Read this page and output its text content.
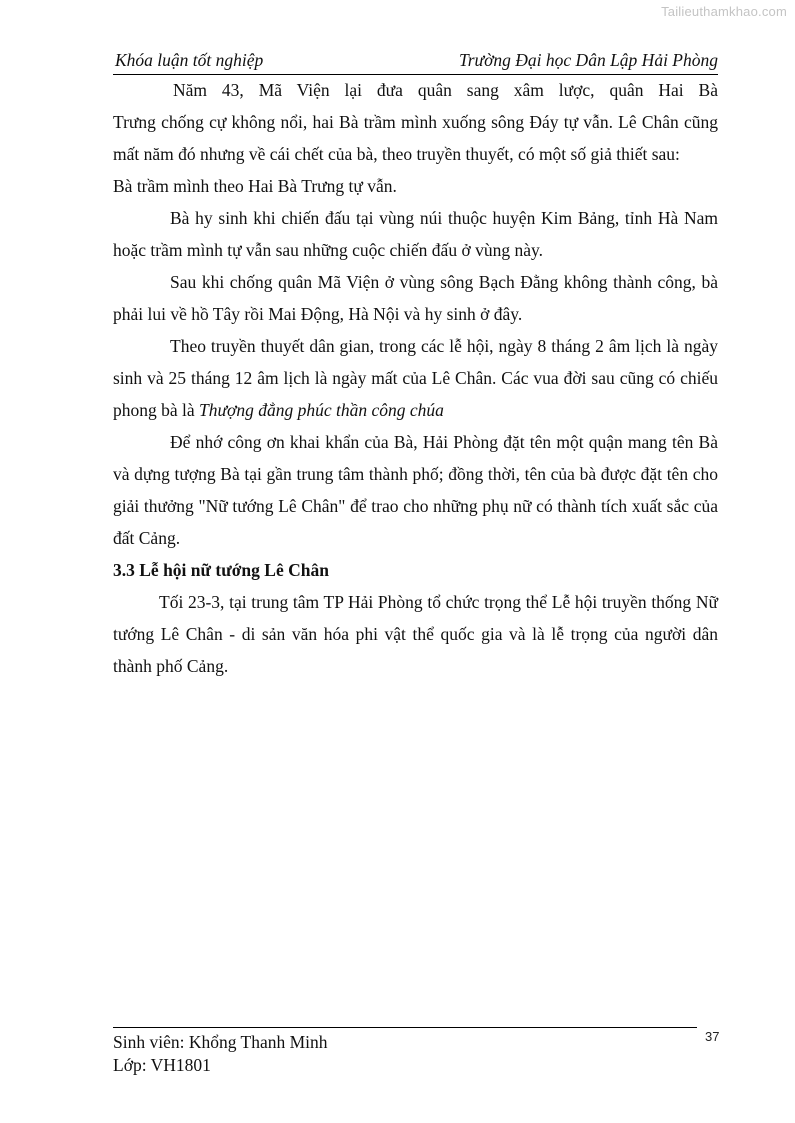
Tailieuthamkhao.com
Khóa luận tốt nghiệp	Trường Đại học Dân Lập Hải Phòng

Năm 43, Mã Viện lại đưa quân sang xâm lược, quân Hai Bà

Trưng chống cự không nổi, hai Bà trầm mình xuống sông Đáy tự vẫn. Lê Chân cũng mất năm đó nhưng về cái chết của bà, theo truyền thuyết, có một số giả thiết sau:

Bà trầm mình theo Hai Bà Trưng tự vẫn.

Bà hy sinh khi chiến đấu tại vùng núi thuộc huyện Kim Bảng, tỉnh Hà Nam hoặc trầm mình tự vẫn sau những cuộc chiến đấu ở vùng này.

Sau khi chống quân Mã Viện ở vùng sông Bạch Đằng không thành công, bà phải lui về hồ Tây rồi Mai Động, Hà Nội và hy sinh ở đây.

Theo truyền thuyết dân gian, trong các lễ hội, ngày 8 tháng 2 âm lịch là ngày sinh và 25 tháng 12 âm lịch là ngày mất của Lê Chân. Các vua đời sau cũng có chiếu phong bà là Thượng đẳng phúc thần công chúa

Để nhớ công ơn khai khẩn của Bà, Hải Phòng đặt tên một quận mang tên Bà và dựng tượng Bà tại gần trung tâm thành phố; đồng thời, tên của bà được đặt tên cho giải thưởng "Nữ tướng Lê Chân" để trao cho những phụ nữ có thành tích xuất sắc của đất Cảng.

3.3 Lễ hội nữ tướng Lê Chân

Tối 23-3, tại trung tâm TP Hải Phòng tổ chức trọng thể Lễ hội truyền thống Nữ tướng Lê Chân - di sản văn hóa phi vật thể quốc gia và là lễ trọng của người dân thành phố Cảng.

Sinh viên: Khổng Thanh Minh
Lớp: VH1801
37
